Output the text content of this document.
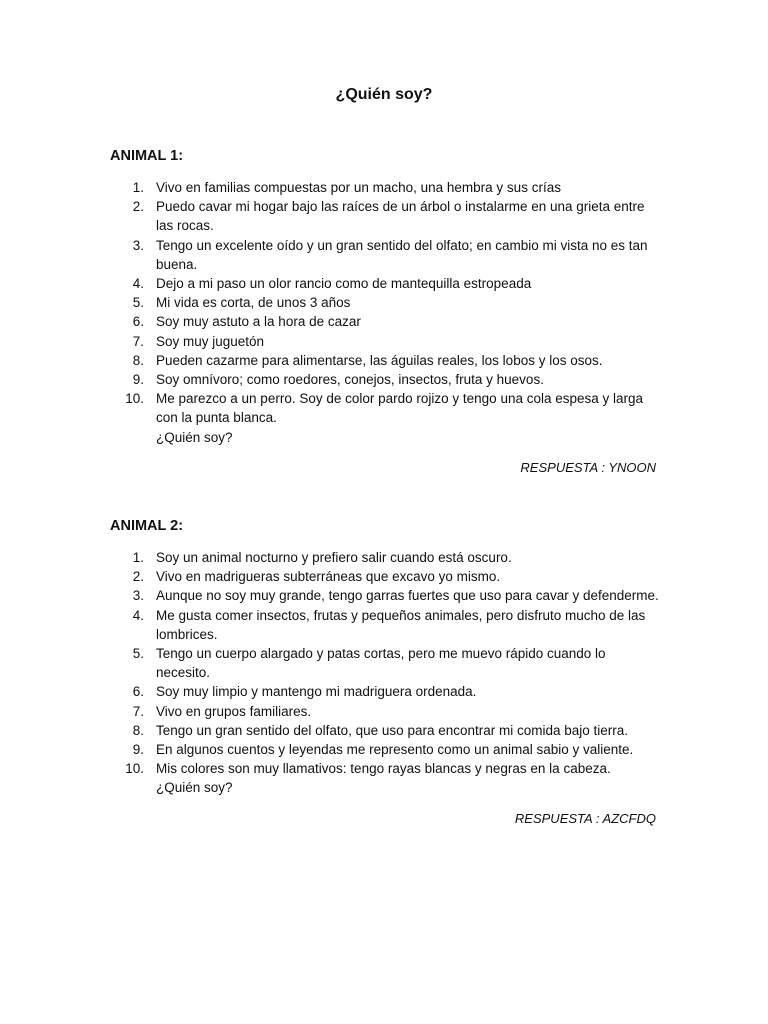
¿Quién soy?
ANIMAL 1:
1. Vivo en familias compuestas por un macho, una hembra y sus crías
2. Puedo cavar mi hogar bajo las raíces de un árbol o instalarme en una grieta entre las rocas.
3. Tengo un excelente oído y un gran sentido del olfato; en cambio mi vista no es tan buena.
4. Dejo a mi paso un olor rancio como de mantequilla estropeada
5. Mi vida es corta, de unos 3 años
6. Soy muy astuto a la hora de cazar
7. Soy muy juguetón
8. Pueden cazarme para alimentarse, las águilas reales, los lobos y los osos.
9. Soy omnívoro; como roedores, conejos, insectos, fruta y huevos.
10. Me parezco a un perro. Soy de color pardo rojizo y tengo una cola espesa y larga con la punta blanca.

¿Quién soy?

RESPUESTA : YNOON

ANIMAL 2:
1. Soy un animal nocturno y prefiero salir cuando está oscuro.
2. Vivo en madrigueras subterráneas que excavo yo mismo.
3. Aunque no soy muy grande, tengo garras fuertes que uso para cavar y defenderme.
4. Me gusta comer insectos, frutas y pequeños animales, pero disfruto mucho de las lombrices.
5. Tengo un cuerpo alargado y patas cortas, pero me muevo rápido cuando lo necesito.
6. Soy muy limpio y mantengo mi madriguera ordenada.
7. Vivo en grupos familiares.
8. Tengo un gran sentido del olfato, que uso para encontrar mi comida bajo tierra.
9. En algunos cuentos y leyendas me represento como un animal sabio y valiente.
10. Mis colores son muy llamativos: tengo rayas blancas y negras en la cabeza.

¿Quién soy?

RESPUESTA : AZCFDQ
